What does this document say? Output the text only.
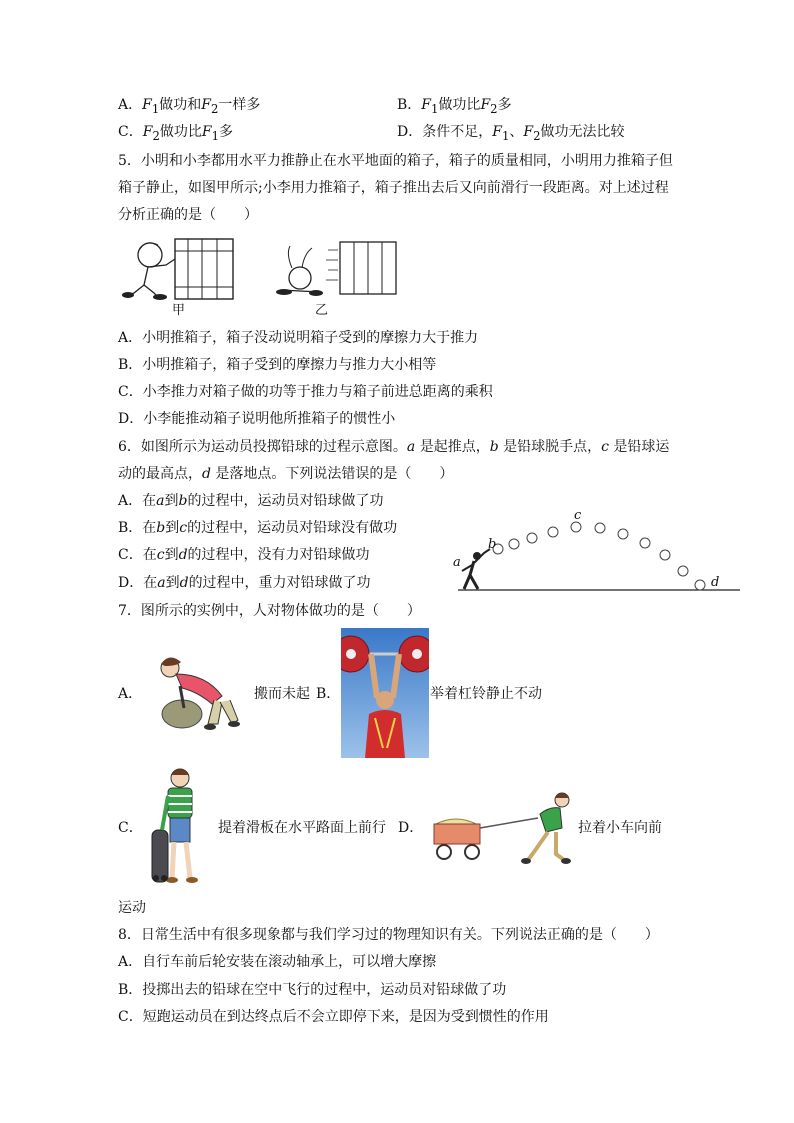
A．$F_1$做功和$F_2$一样多	B．$F_1$做功比$F_2$多
C．$F_2$做功比$F_1$多	D．条件不足，$F_1$、$F_2$做功无法比较
5．小明和小李都用水平力推静止在水平地面的箱子，箱子的质量相同，小明用力推箱子但
箱子静止，如图甲所示;小李用力推箱子，箱子推出去后又向前滑行一段距离。对上述过程
分析正确的是（　　）
甲	乙
A．小明推箱子，箱子没动说明箱子受到的摩擦力大于推力
B．小明推箱子，箱子受到的摩擦力与推力大小相等
C．小李推力对箱子做的功等于推力与箱子前进总距离的乘积
D．小李能推动箱子说明他所推箱子的惯性小
6．如图所示为运动员投掷铅球的过程示意图。a 是起推点，b 是铅球脱手点，c 是铅球运
动的最高点，d 是落地点。下列说法错误的是（　　）
A．在a到b的过程中，运动员对铅球做了功
B．在b到c的过程中，运动员对铅球没有做功
C．在c到d的过程中，没有力对铅球做功
D．在a到d的过程中，重力对铅球做了功
a
b
c
d
7．图所示的实例中，人对物体做功的是（　　）
A．	搬而未起 B．	举着杠铃静止不动
C．	提着滑板在水平路面上前行 D．	拉着小车向前
运动
8．日常生活中有很多现象都与我们学习过的物理知识有关。下列说法正确的是（　　）
A．自行车前后轮安装在滚动轴承上，可以增大摩擦
B．投掷出去的铅球在空中飞行的过程中，运动员对铅球做了功
C．短跑运动员在到达终点后不会立即停下来，是因为受到惯性的作用
